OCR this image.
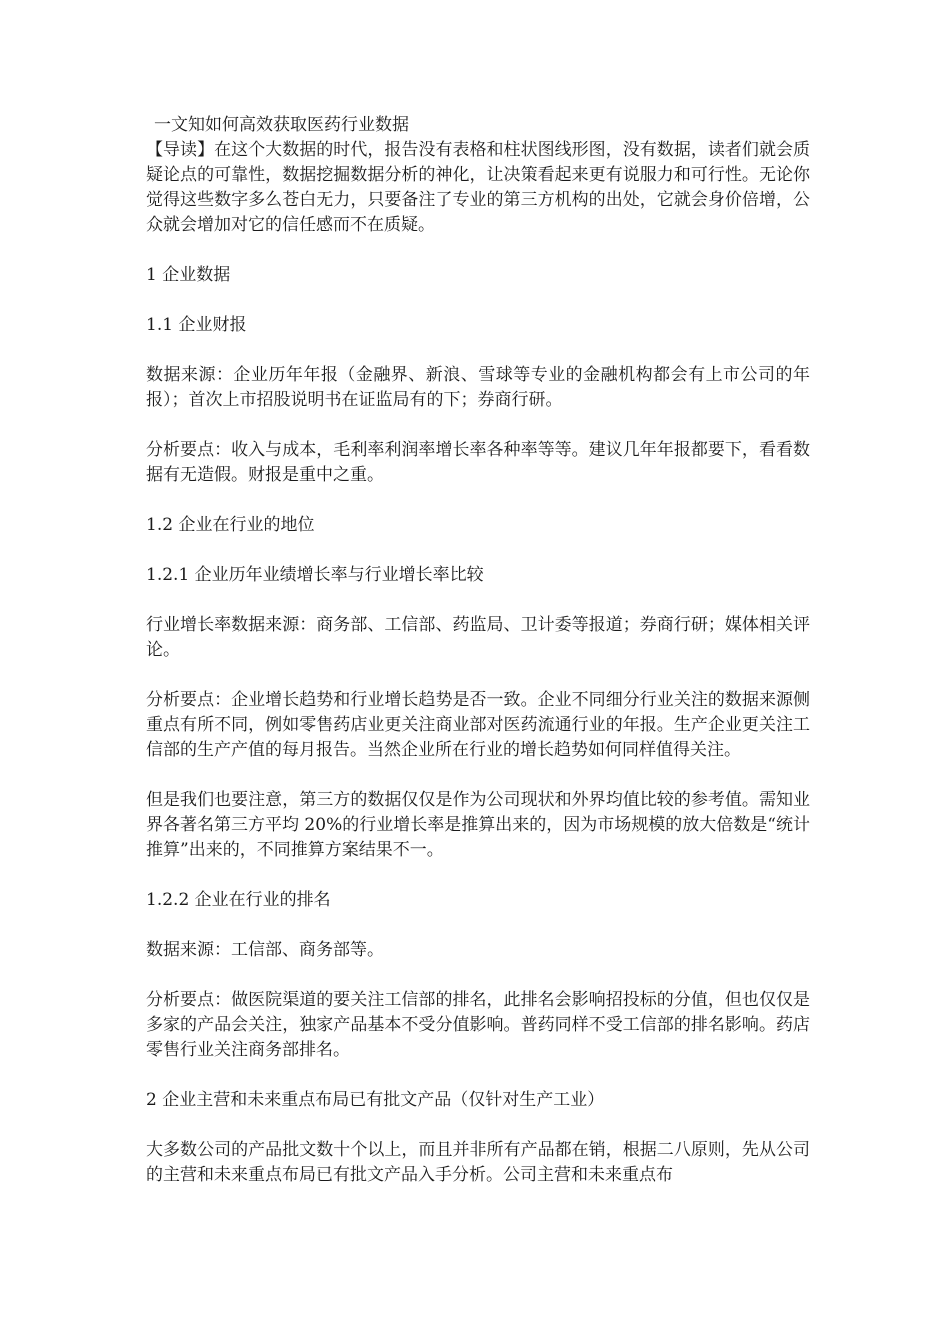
一文知如何高效获取医药行业数据

【导读】在这个大数据的时代，报告没有表格和柱状图线形图，没有数据，读者们就会质疑论点的可靠性，数据挖掘数据分析的神化，让决策看起来更有说服力和可行性。无论你觉得这些数字多么苍白无力，只要备注了专业的第三方机构的出处，它就会身价倍增，公众就会增加对它的信任感而不在质疑。

1 企业数据

1.1 企业财报

数据来源：企业历年年报（金融界、新浪、雪球等专业的金融机构都会有上市公司的年报）；首次上市招股说明书在证监局有的下；券商行研。

分析要点：收入与成本，毛利率利润率增长率各种率等等。建议几年年报都要下，看看数据有无造假。财报是重中之重。

1.2 企业在行业的地位

1.2.1 企业历年业绩增长率与行业增长率比较

行业增长率数据来源：商务部、工信部、药监局、卫计委等报道；券商行研；媒体相关评论。

分析要点：企业增长趋势和行业增长趋势是否一致。企业不同细分行业关注的数据来源侧重点有所不同，例如零售药店业更关注商业部对医药流通行业的年报。生产企业更关注工信部的生产产值的每月报告。当然企业所在行业的增长趋势如何同样值得关注。

但是我们也要注意，第三方的数据仅仅是作为公司现状和外界均值比较的参考值。需知业界各著名第三方平均 20%的行业增长率是推算出来的，因为市场规模的放大倍数是“统计推算”出来的，不同推算方案结果不一。

1.2.2 企业在行业的排名

数据来源：工信部、商务部等。

分析要点：做医院渠道的要关注工信部的排名，此排名会影响招投标的分值，但也仅仅是多家的产品会关注，独家产品基本不受分值影响。普药同样不受工信部的排名影响。药店零售行业关注商务部排名。

2 企业主营和未来重点布局已有批文产品（仅针对生产工业）

大多数公司的产品批文数十个以上，而且并非所有产品都在销，根据二八原则，先从公司的主营和未来重点布局已有批文产品入手分析。公司主营和未来重点布
